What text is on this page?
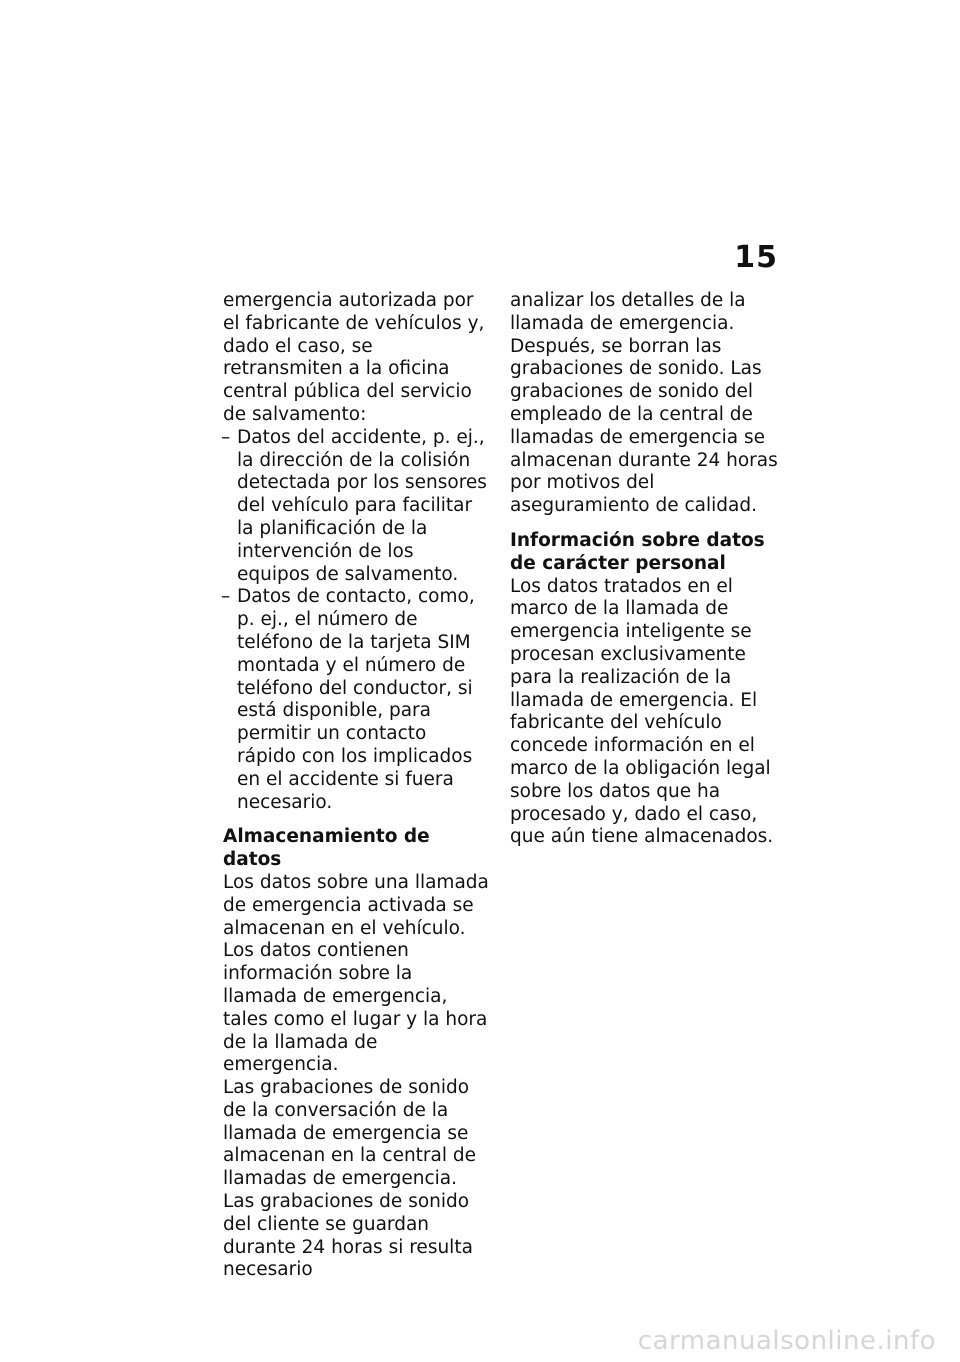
15

emergencia autorizada por el fabricante de vehículos y, dado el caso, se retransmiten a la oficina central pública del servicio de salvamento:

– Datos del accidente, p. ej., la dirección de la colisión detectada por los sensores del vehículo para facilitar la planificación de la intervención de los equipos de salvamento.
– Datos de contacto, como, p. ej., el número de teléfono de la tarjeta SIM montada y el número de teléfono del conductor, si está disponible, para permitir un contacto rápido con los implicados en el accidente si fuera necesario.
Almacenamiento de datos

Los datos sobre una llamada de emergencia activada se almacenan en el vehículo. Los datos contienen información sobre la llamada de emergencia, tales como el lugar y la hora de la llamada de emergencia.

Las grabaciones de sonido de la conversación de la llamada de emergencia se almacenan en la central de llamadas de emergencia.

Las grabaciones de sonido del cliente se guardan durante 24 horas si resulta necesario

analizar los detalles de la llamada de emergencia. Después, se borran las grabaciones de sonido. Las grabaciones de sonido del empleado de la central de llamadas de emergencia se almacenan durante 24 horas por motivos del aseguramiento de calidad.

Información sobre datos de carácter personal

Los datos tratados en el marco de la llamada de emergencia inteligente se procesan exclusivamente para la realización de la llamada de emergencia. El fabricante del vehículo concede información en el marco de la obligación legal sobre los datos que ha procesado y, dado el caso, que aún tiene almacenados.

carmanualsonline.info
